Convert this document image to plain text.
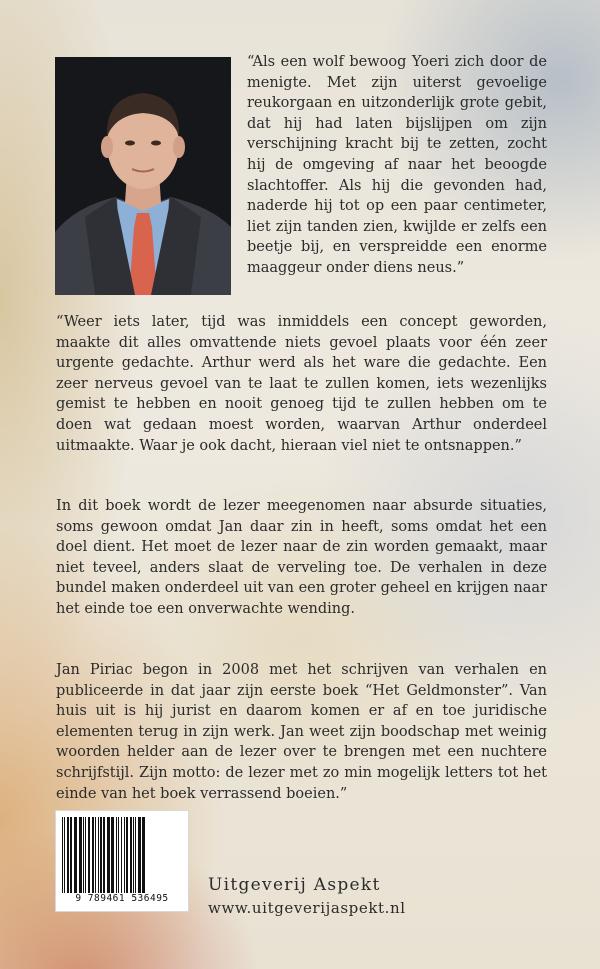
“Als een wolf bewoog Yoeri zich door de menigte. Met zijn uiterst gevoelige reukorgaan en uitzonderlijk grote gebit, dat hij had laten bijslijpen om zijn verschijning kracht bij te zetten, zocht hij de omgeving af naar het beoogde slachtoffer. Als hij die gevonden had, naderde hij tot op een paar centimeter, liet zijn tanden zien, kwijlde er zelfs een beetje bij, en verspreidde een enorme maaggeur onder diens neus.”
“Weer iets later, tijd was inmiddels een concept geworden, maakte dit alles omvattende niets gevoel plaats voor één zeer urgente gedachte. Arthur werd als het ware die gedachte. Een zeer nerveus gevoel van te laat te zullen komen, iets wezenlijks gemist te hebben en nooit genoeg tijd te zullen hebben om te doen wat gedaan moest worden, waarvan Arthur onderdeel uitmaakte. Waar je ook dacht, hieraan viel niet te ontsnappen.”
In dit boek wordt de lezer meegenomen naar absurde situaties, soms gewoon omdat Jan daar zin in heeft, soms omdat het een doel dient. Het moet de lezer naar de zin worden gemaakt, maar niet teveel, anders slaat de verveling toe. De verhalen in deze bundel maken onderdeel uit van een groter geheel en krijgen naar het einde toe een onverwachte wending.
Jan Piriac begon in 2008 met het schrijven van verhalen en publiceerde in dat jaar zijn eerste boek “Het Geldmonster”. Van huis uit is hij jurist en daarom komen er af en toe juridische elementen terug in zijn werk. Jan weet zijn boodschap met weinig woorden helder aan de lezer over te brengen met een nuchtere schrijfstijl. Zijn motto: de lezer met zo min mogelijk letters tot het einde van het boek verrassend boeien.”
9 789461 536495
Uitgeverij Aspekt
www.uitgeverijaspekt.nl
